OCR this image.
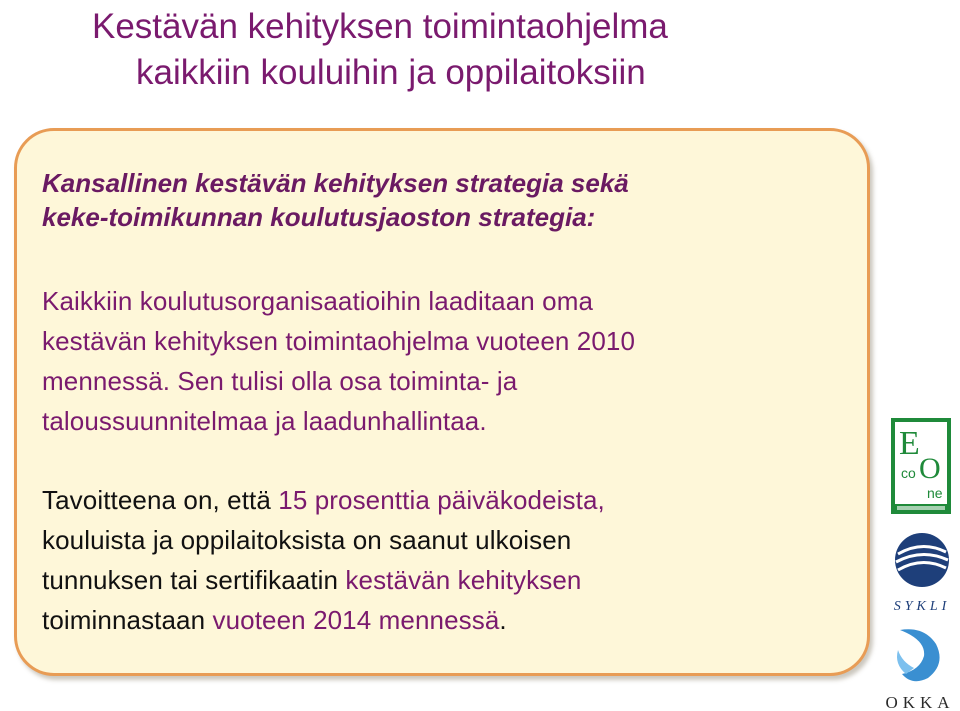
Kestävän kehityksen toimintaohjelma
kaikkiin kouluihin ja oppilaitoksiin
Kansallinen kestävän kehityksen strategia sekä
keke-toimikunnan koulutusjaoston strategia:
Kaikkiin koulutusorganisaatioihin laaditaan oma
kestävän kehityksen toimintaohjelma vuoteen 2010
mennessä. Sen tulisi olla osa toiminta- ja
taloussuunnitelmaa ja laadunhallintaa.
Tavoitteena on, että 15 prosenttia päiväkodeista,
kouluista ja oppilaitoksista on saanut ulkoisen
tunnuksen tai sertifikaatin kestävän kehityksen
toiminnastaan vuoteen 2014 mennessä.
E
co O
ne
SYKLI
OKKA
